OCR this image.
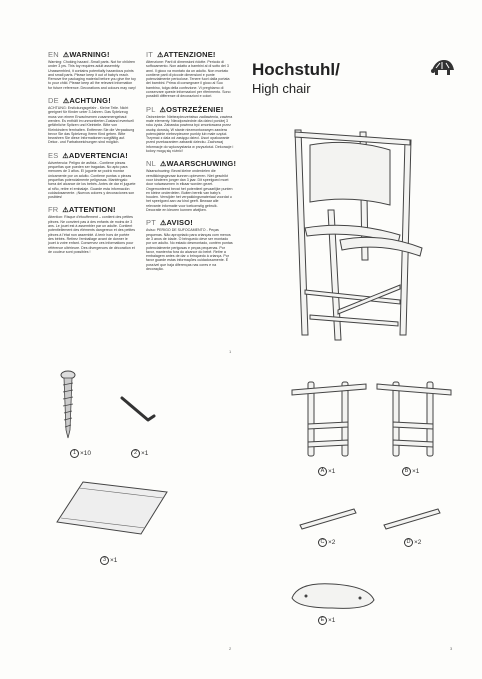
EN ⚠WARNING!
Warning: Choking hazard -Small parts. Not for children under 3 yrs. This toy requires adult assembly. Unassembled, it contains potentially hazardous points and small parts. Please keep it out of baby's reach. Remove the packaging material before you give the toy to your child. Please keep all the relevant information for future reference. Decorations and colours may vary!
DE ⚠ACHTUNG!
ACHTUNG: Erstickungsgefahr - Kleine Teile. Nicht geeignet für Kinder unter 3 Jahren. Das Spielzeug muss von einem Erwachsenen zusammengebaut werden. Es enthält im unmontierten Zustand eventuell gefährliche Spitzen und Kleinteile. Bitte von Kleinkindern fernhalten. Entfernen Sie die Verpackung bevor Sie das Spielzeug Ihrem Kind geben. Bitte bewahren Sie diese Informationen sorgfältig auf. Dekor- und Farbabweichungen sind möglich.
ES ⚠ADVERTENCIA!
Advertencia: Peligro de asfixia - Contiene piezas pequeñas que pueden ser tragadas. No apto para menores de 3 años. El juguete se podrá montar únicamente por un adulto. Contiene puntas o piezas pequeñas potencialmente peligrosas. Manténgalo fuera del alcance de los bebés. Antes de dar el juguete al niño, retire el embalaje. Guarde esta información cuidadosamente. ¡Nuevos colores y decoraciones son posibles!
FR ⚠ATTENTION!
Attention: Risque d'étouffement – contient des petites pièces. Ne convient pas à des enfants de moins de 3 ans. Le jouet est à assembler par un adulte. Contient potentiellement des éléments dangereux et des petites pièces à l'état non assemblé. A tenir hors de portée des bébés. Retirez l'emballage avant de donner le jouet à votre enfant. Conservez ces informations pour référence ultérieure. Des divergences de décoration et de couleur sont possibles !
IT ⚠ATTENZIONE!
Attenzione: Parti di dimensioni ridotte. Pericolo di soffocamento. Non adatto a bambini al di sotto dei 3 anni. Il gioco va montato da un adulto. Non montato contiene parti di piccole dimensioni e punte potenzialmente pericolose. Tenere fuori dalla portata dei bambini. Prima di consegnare il gioco al Suo bambino, tolga della confezione. Vi preghiamo di conservare queste informazioni per riferimento. Sono possibili differenze di decorazioni e colori.
PL ⚠OSTRZEŻENIE!
Ostrzeżenie: Niebezpieczeństwo zadławienia, zawiera małe elementy. Nieodpowiednie dla dzieci poniżej 3 roku życia. Zabawka powinna być zmontowana przez osobę dorosłą. W stanie niezmontowanym zawiera potencjalnie niebezpieczne punkty lub małe części. Trzymać z dala od zasięgu dzieci. Usuń opakowanie przed przekazaniem zabawki dziecku. Zachowaj informacje do wykorzystania w przyszłości. Dekoracje i kolory mogą się różnić!
NL ⚠WAARSCHUWING!
Waarschuwing: Bevat kleine onderdelen die verstikkingsgevaar kunnen opleveren. Niet geschikt voor kinderen jonger dan 3 jaar. Dit speelgoed moet door volwassenen in elkaar worden gezet. Ongemonteerd bevat het potentieel gevaarlijke punten en kleine onderdelen. Buiten bereik van baby's houden. Verwijder het verpakkingsmateriaal voordat u het speelgoed aan uw kind geeft. Bewaar alle relevante informatie voor toekomstig gebruik. Decoratie en kleuren kunnen afwijken.
PT ⚠AVISO!
Aviso: PERIGO DE SUFOCAMENTO - Peças pequenas. Não apropriado para crianças com menos de 3 anos de idade. O brinquedo deve ser montado por um adulto. No estado desmontado, contém pontas potencialmente perigosas e peças pequenas. Por favor, mantenha fora do alcance do bebê. Retire a embalagem antes de dar o brinquedo à criança. Por favor guarde estas informações cuidadosamente. É possível que haja diferenças nas cores e na decoração.
Hochstuhl/
High chair
1 ×10	2 ×1
3 ×1
A ×1	B ×1
C ×2	D ×2
E ×1
1
2	3
